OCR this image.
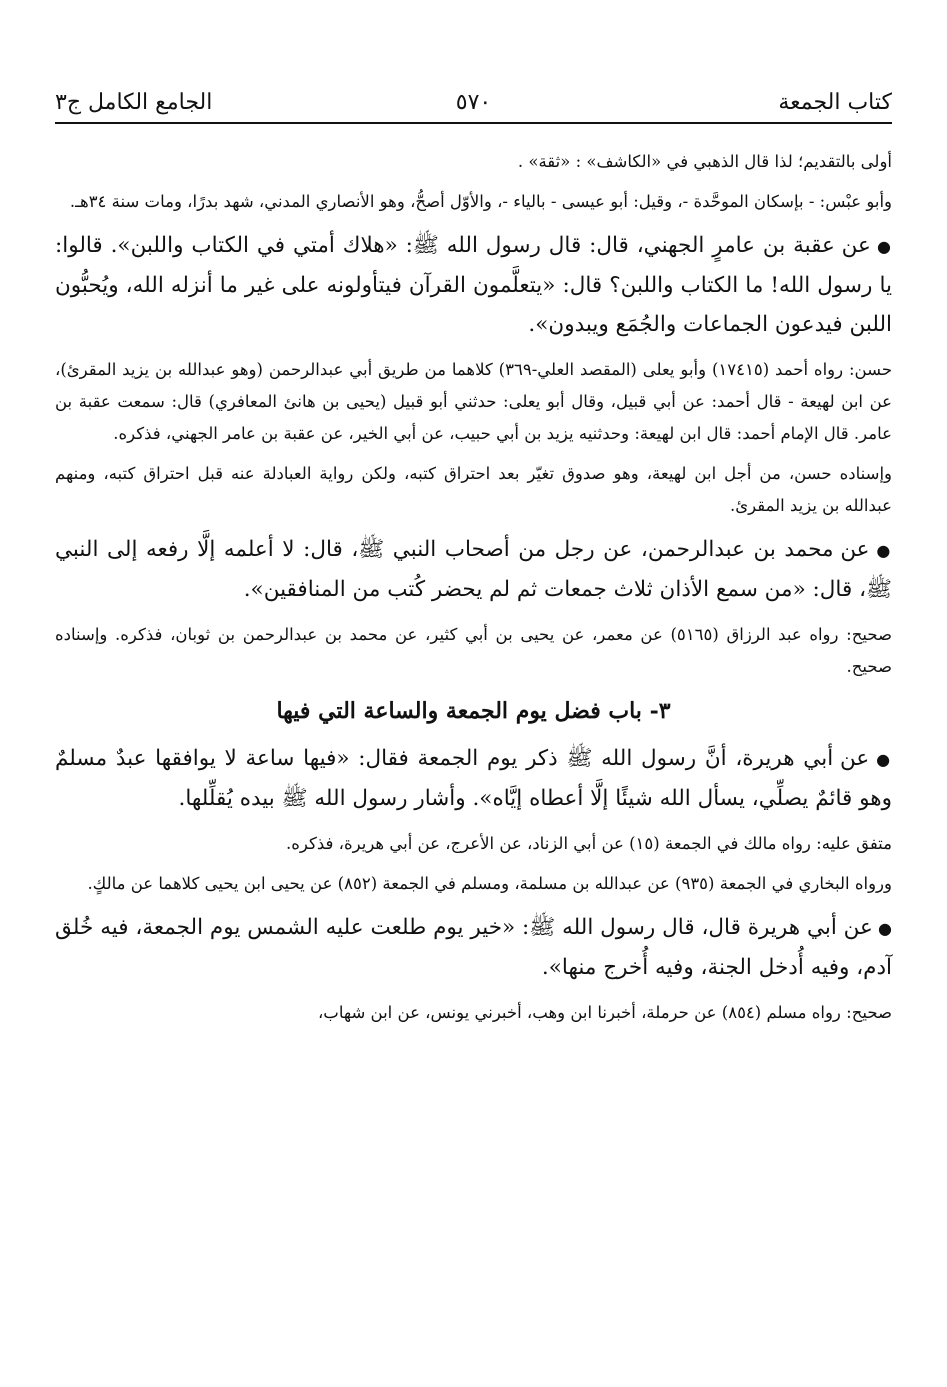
كتاب الجمعة
٥٧٠
الجامع الكامل ج٣

أولى بالتقديم؛ لذا قال الذهبي في «الكاشف» : «ثقة» .

وأبو عبْس: - بإسكان الموحَّدة -، وقيل: أبو عيسى - بالياء -، والأوّل أصحُّ، وهو الأنصاري المدني، شهد بدرًا، ومات سنة ٣٤هـ.

● عن عقبة بن عامرٍ الجهني، قال: قال رسول الله ﷺ: «هلاك أمتي في الكتاب واللبن». قالوا: يا رسول الله! ما الكتاب واللبن؟ قال: «يتعلَّمون القرآن فيتأولونه على غير ما أنزله الله، ويُحبُّون اللبن فيدعون الجماعات والجُمَع ويبدون».

حسن: رواه أحمد (١٧٤١٥) وأبو يعلى (المقصد العلي-٣٦٩) كلاهما من طريق أبي عبدالرحمن (وهو عبدالله بن يزيد المقرئ)، عن ابن لهيعة - قال أحمد: عن أبي قبيل، وقال أبو يعلى: حدثني أبو قبيل (يحيى بن هانئ المعافري) قال: سمعت عقبة بن عامر. قال الإمام أحمد: قال ابن لهيعة: وحدثنيه يزيد بن أبي حبيب، عن أبي الخير، عن عقبة بن عامر الجهني، فذكره.

وإسناده حسن، من أجل ابن لهيعة، وهو صدوق تغيّر بعد احتراق كتبه، ولكن رواية العبادلة عنه قبل احتراق كتبه، ومنهم عبدالله بن يزيد المقرئ.

● عن محمد بن عبدالرحمن، عن رجل من أصحاب النبي ﷺ، قال: لا أعلمه إلَّا رفعه إلى النبي ﷺ، قال: «من سمع الأذان ثلاث جمعات ثم لم يحضر كُتب من المنافقين».

صحيح: رواه عبد الرزاق (٥١٦٥) عن معمر، عن يحيى بن أبي كثير، عن محمد بن عبدالرحمن بن ثوبان، فذكره. وإسناده صحيح.

٣- باب فضل يوم الجمعة والساعة التي فيها

● عن أبي هريرة، أنَّ رسول الله ﷺ ذكر يوم الجمعة فقال: «فيها ساعة لا يوافقها عبدٌ مسلمٌ وهو قائمٌ يصلِّي، يسأل الله شيئًا إلَّا أعطاه إيَّاه». وأشار رسول الله ﷺ بيده يُقلِّلها.

متفق عليه: رواه مالك في الجمعة (١٥) عن أبي الزناد، عن الأعرج، عن أبي هريرة، فذكره.

ورواه البخاري في الجمعة (٩٣٥) عن عبدالله بن مسلمة، ومسلم في الجمعة (٨٥٢) عن يحيى ابن يحيى كلاهما عن مالكٍ.

● عن أبي هريرة قال، قال رسول الله ﷺ: «خير يوم طلعت عليه الشمس يوم الجمعة، فيه خُلق آدم، وفيه أُدخل الجنة، وفيه أُخرج منها».

صحيح: رواه مسلم (٨٥٤) عن حرملة، أخبرنا ابن وهب، أخبرني يونس، عن ابن شهاب،
